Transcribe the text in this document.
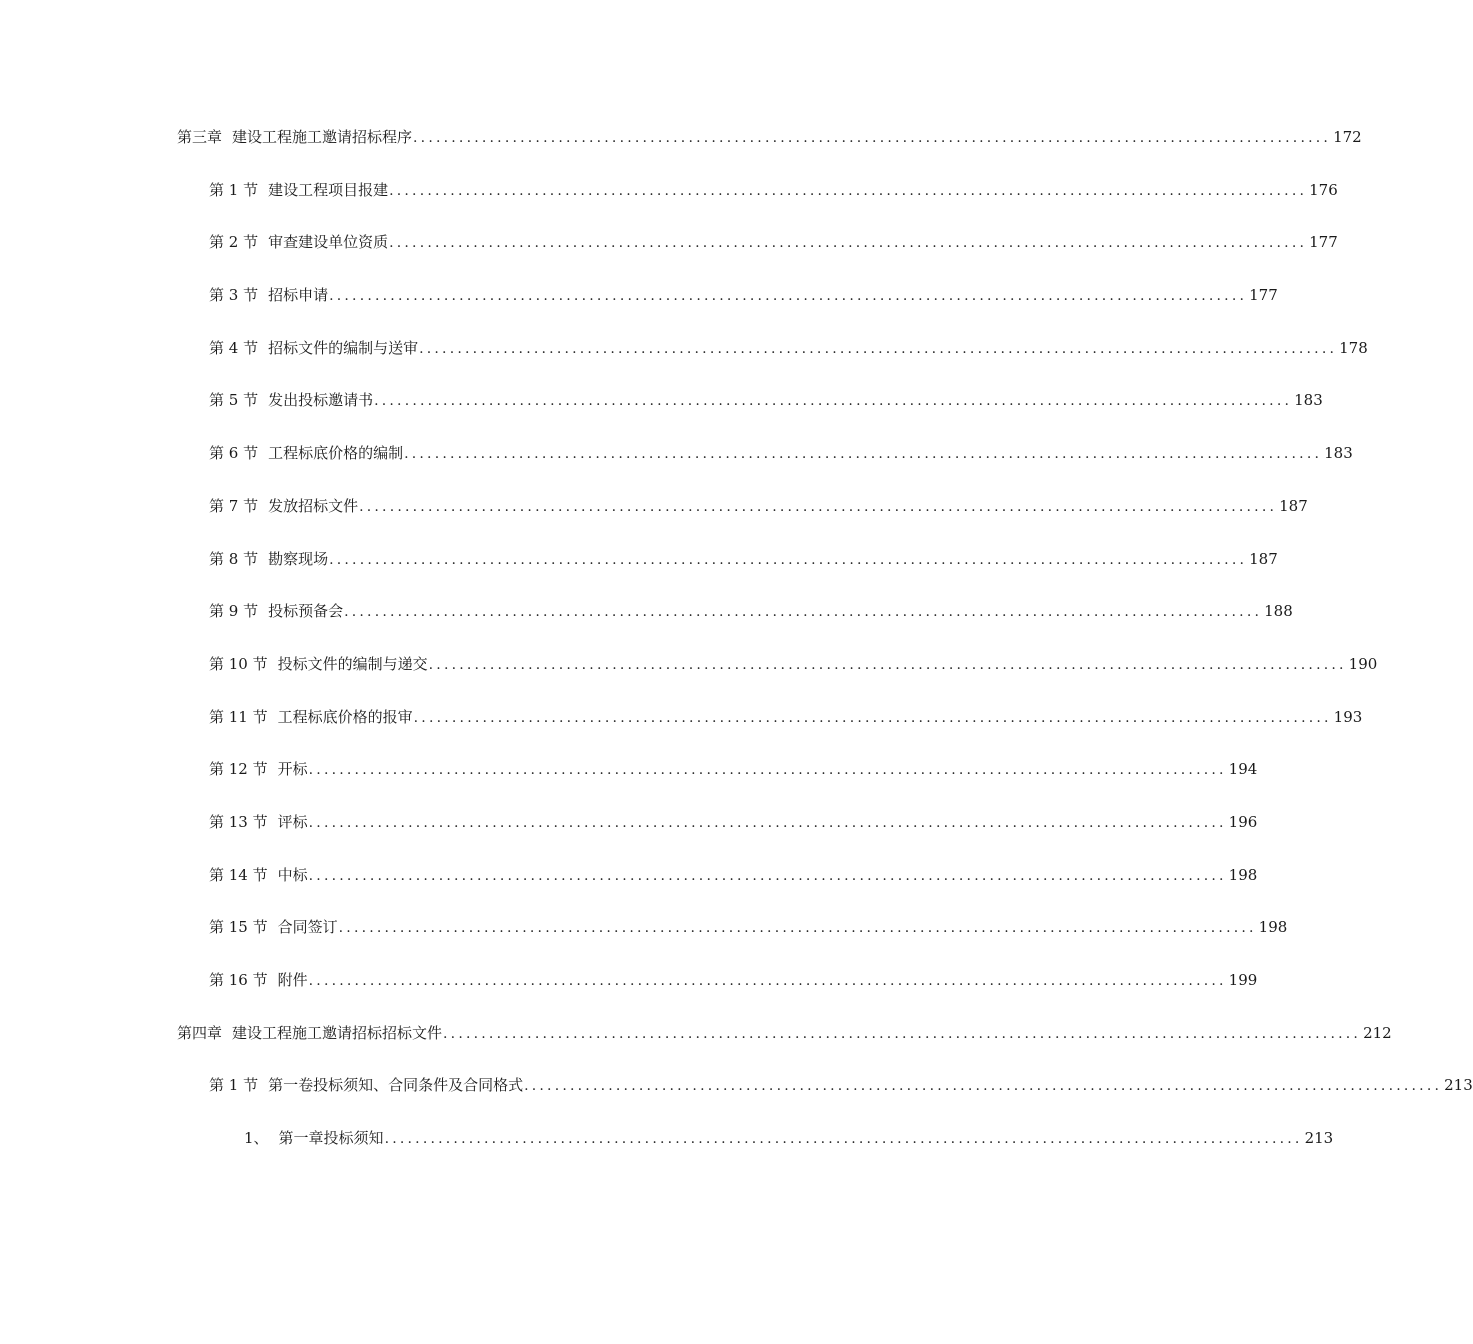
第三章 建设工程施工邀请招标程序 ........................................................................................................................ 172
第 1 节 建设工程项目报建 ........................................................................................................................ 176
第 2 节 审查建设单位资质 ........................................................................................................................ 177
第 3 节 招标申请 ........................................................................................................................ 177
第 4 节 招标文件的编制与送审 ........................................................................................................................ 178
第 5 节 发出投标邀请书 ........................................................................................................................ 183
第 6 节 工程标底价格的编制 ........................................................................................................................ 183
第 7 节 发放招标文件 ........................................................................................................................ 187
第 8 节 勘察现场 ........................................................................................................................ 187
第 9 节 投标预备会 ........................................................................................................................ 188
第 10 节 投标文件的编制与递交 ........................................................................................................................ 190
第 11 节 工程标底价格的报审 ........................................................................................................................ 193
第 12 节 开标 ........................................................................................................................ 194
第 13 节 评标 ........................................................................................................................ 196
第 14 节 中标 ........................................................................................................................ 198
第 15 节 合同签订 ........................................................................................................................ 198
第 16 节 附件 ........................................................................................................................ 199
第四章 建设工程施工邀请招标招标文件 ........................................................................................................................ 212
第 1 节 第一卷投标须知、合同条件及合同格式 ........................................................................................................................ 213
1、 第一章投标须知 ........................................................................................................................ 213
